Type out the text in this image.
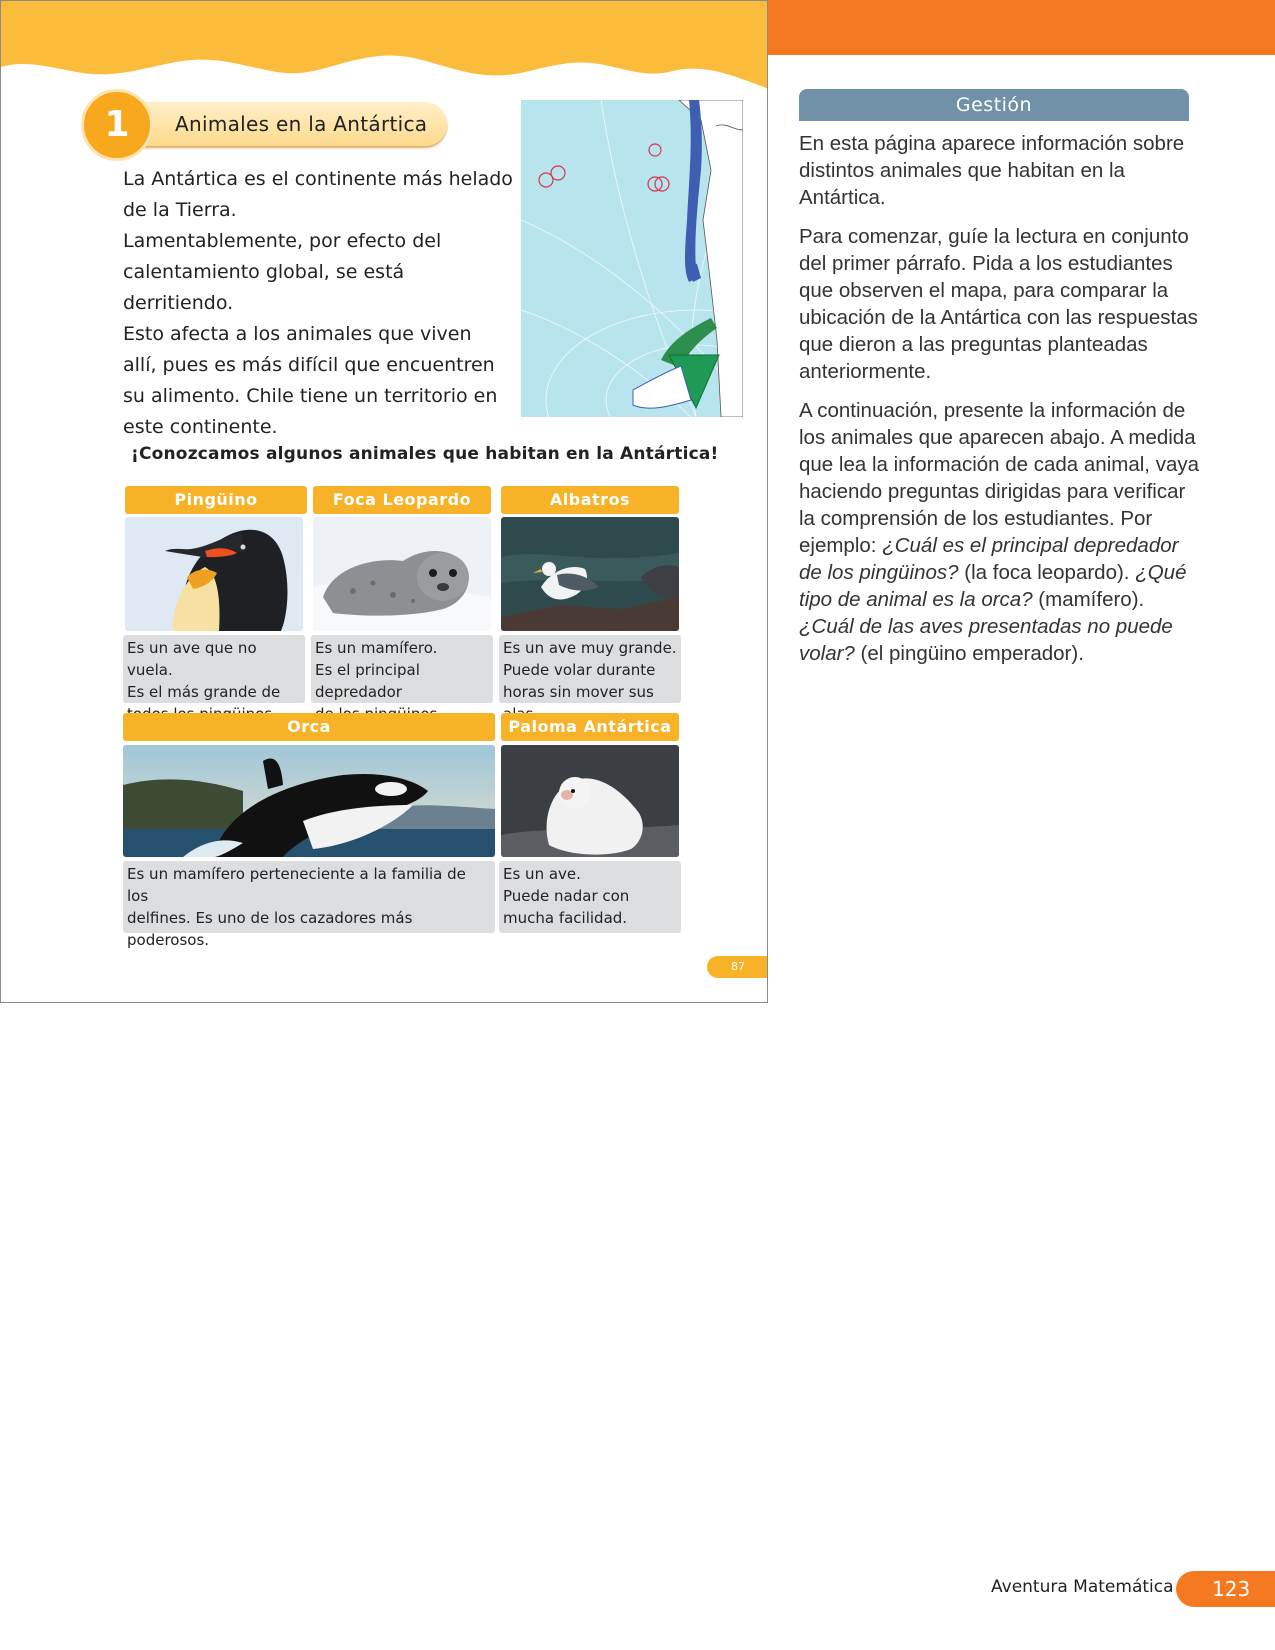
Animales en la Antártica
1
La Antártica es el continente más helado
de la Tierra.
Lamentablemente, por efecto del
calentamiento global, se está derritiendo.
Esto afecta a los animales que viven
allí, pues es más difícil que encuentren
su alimento. Chile tiene un territorio en
este continente.
¡Conozcamos algunos animales que habitan en la Antártica!
Pingüino
Es un ave que no vuela.
Es el más grande de
Foca Leopardo
Es un mamífero.
Es el principal depredador
Albatros
Es un ave muy grande.
Puede volar durante
horas sin mover sus
Orca
Es un mamífero perteneciente a la familia de los
delfines. Es uno de los cazadores más poderosos.
Paloma Antártica
Es un ave.
Puede nadar con
mucha facilidad.
87
Gestión

En esta página aparece información sobre distintos animales que habitan en la Antártica.

Para comenzar, guíe la lectura en conjunto del primer párrafo. Pida a los estudiantes que observen el mapa, para comparar la ubicación de la Antártica con las respuestas que dieron a las preguntas planteadas anteriormente.

A continuación, presente la información de los animales que aparecen abajo. A medida que lea la información de cada animal, vaya haciendo preguntas dirigidas para verificar la comprensión de los estudiantes. Por ejemplo: ¿Cuál es el principal depredador de los pingüinos? (la foca leopardo). ¿Qué tipo de animal es la orca? (mamífero). ¿Cuál de las aves presentadas no puede volar? (el pingüino emperador).

Aventura Matemática	123
